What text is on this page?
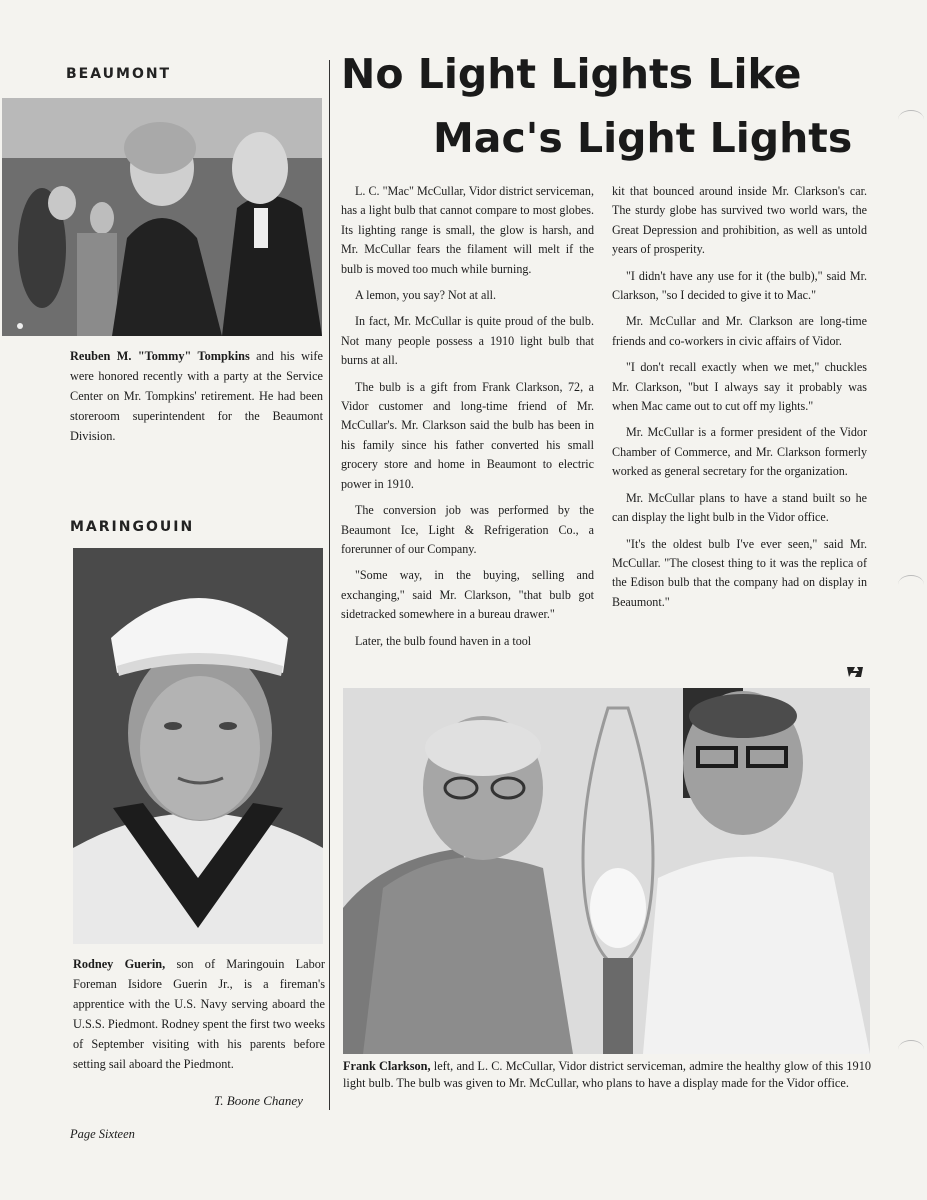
BEAUMONT
Reuben M. "Tommy" Tompkins and his wife were honored recently with a party at the Service Center on Mr. Tompkins' retirement. He had been storeroom superintendent for the Beaumont Division.
MARINGOUIN
Rodney Guerin, son of Maringouin Labor Foreman Isidore Guerin Jr., is a fireman's apprentice with the U.S. Navy serving aboard the U.S.S. Piedmont. Rodney spent the first two weeks of September visiting with his parents before setting sail aboard the Piedmont.
T. Boone Chaney
No Light Lights Like
Mac's Light Lights

L. C. "Mac" McCullar, Vidor district serviceman, has a light bulb that cannot compare to most globes. Its lighting range is small, the glow is harsh, and Mr. McCullar fears the filament will melt if the bulb is moved too much while burning.

A lemon, you say? Not at all.

In fact, Mr. McCullar is quite proud of the bulb. Not many people possess a 1910 light bulb that burns at all.

The bulb is a gift from Frank Clarkson, 72, a Vidor customer and long-time friend of Mr. McCullar's. Mr. Clarkson said the bulb has been in his family since his father converted his small grocery store and home in Beaumont to electric power in 1910.

The conversion job was performed by the Beaumont Ice, Light & Refrigeration Co., a forerunner of our Company.

"Some way, in the buying, selling and exchanging," said Mr. Clarkson, "that bulb got sidetracked somewhere in a bureau drawer."

Later, the bulb found haven in a tool

kit that bounced around inside Mr. Clarkson's car. The sturdy globe has survived two world wars, the Great Depression and prohibition, as well as untold years of prosperity.

"I didn't have any use for it (the bulb)," said Mr. Clarkson, "so I decided to give it to Mac."

Mr. McCullar and Mr. Clarkson are long-time friends and co-workers in civic affairs of Vidor.

"I don't recall exactly when we met," chuckles Mr. Clarkson, "but I always say it probably was when Mac came out to cut off my lights."

Mr. McCullar is a former president of the Vidor Chamber of Commerce, and Mr. Clarkson formerly worked as general secretary for the organization.

Mr. McCullar plans to have a stand built so he can display the light bulb in the Vidor office.

"It's the oldest bulb I've ever seen," said Mr. McCullar. "The closest thing to it was the replica of the Edison bulb that the company had on display in Beaumont."

Frank Clarkson, left, and L. C. McCullar, Vidor district serviceman, admire the healthy glow of this 1910 light bulb. The bulb was given to Mr. McCullar, who plans to have a display made for the Vidor office.
Page Sixteen
